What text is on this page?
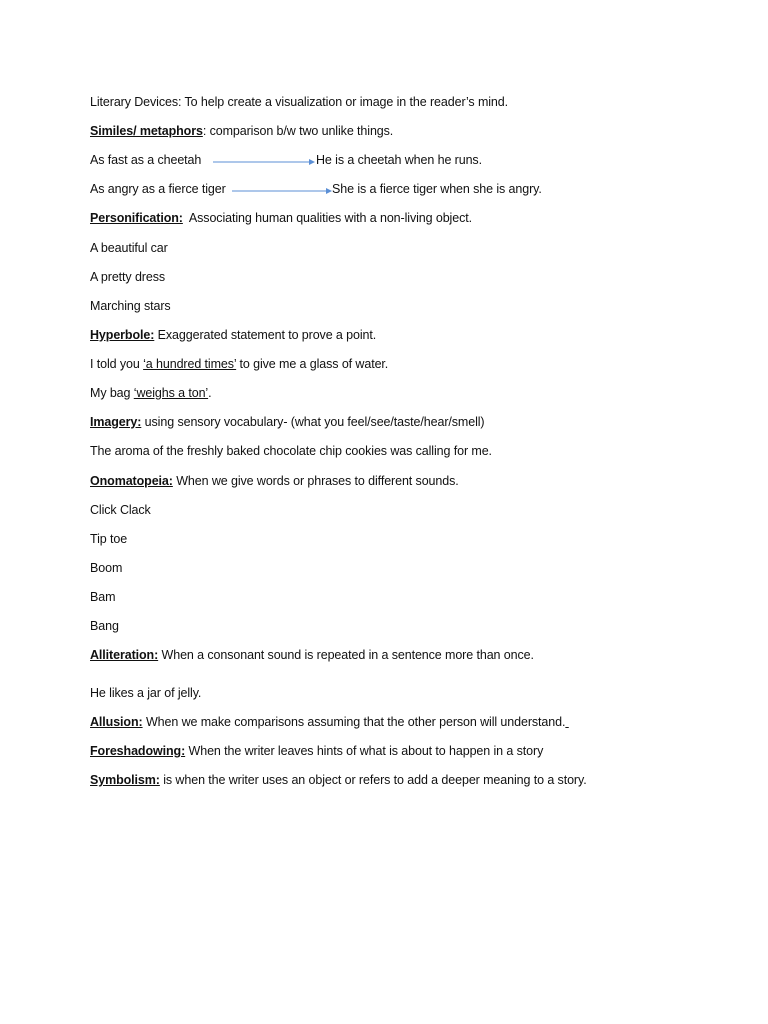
Literary Devices: To help create a visualization or image in the reader’s mind.
Similes/ metaphors: comparison b/w two unlike things.
As fast as a cheetah	He is a cheetah when he runs.
As angry as a fierce tiger	She is a fierce tiger when she is angry.
Personification:  Associating human qualities with a non-living object.
A beautiful car
A pretty dress
Marching stars
Hyperbole: Exaggerated statement to prove a point.
I told you ‘a hundred times’ to give me a glass of water.
My bag ‘weighs a ton’.
Imagery: using sensory vocabulary- (what you feel/see/taste/hear/smell)
The aroma of the freshly baked chocolate chip cookies was calling for me.
Onomatopeia: When we give words or phrases to different sounds.
Click Clack
Tip toe
Boom
Bam
Bang
Alliteration: When a consonant sound is repeated in a sentence more than once.
He likes a jar of jelly.
Allusion: When we make comparisons assuming that the other person will understand.
Foreshadowing: When the writer leaves hints of what is about to happen in a story
Symbolism: is when the writer uses an object or refers to add a deeper meaning to a story.
